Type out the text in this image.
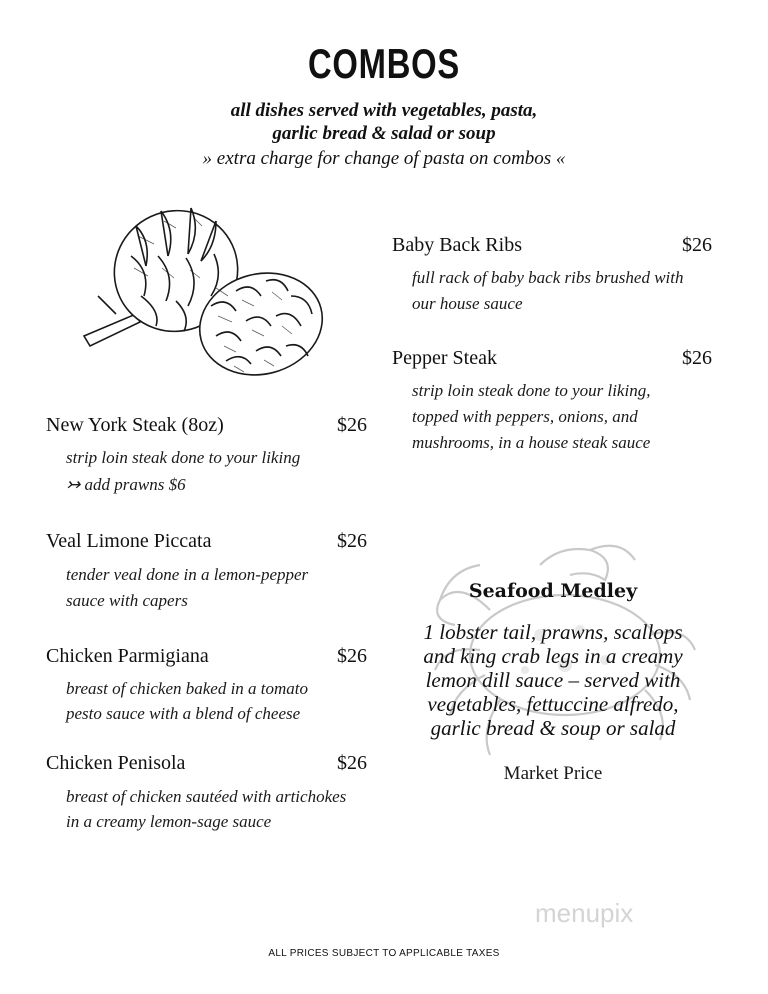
COMBOS
all dishes served with vegetables, pasta,
garlic bread & salad or soup
» extra charge for change of pasta on combos «
New York Steak (8oz)	$26
strip loin steak done to your liking
↣ add prawns $6
Veal Limone Piccata	$26
tender veal done in a lemon-pepper
sauce with capers
Chicken Parmigiana	$26
breast of chicken baked in a tomato
pesto sauce with a blend of cheese
Chicken Penisola	$26
breast of chicken sautéed with artichokes
in a creamy lemon-sage sauce
Baby Back Ribs	$26
full rack of baby back ribs brushed with
our house sauce
Pepper Steak	$26
strip loin steak done to your liking,
topped with peppers, onions, and
mushrooms, in a house steak sauce
Seafood Medley
1 lobster tail, prawns, scallops
and king crab legs in a creamy
lemon dill sauce – served with
vegetables, fettuccine alfredo,
garlic bread & soup or salad
Market Price
menupix
ALL PRICES SUBJECT TO APPLICABLE TAXES
